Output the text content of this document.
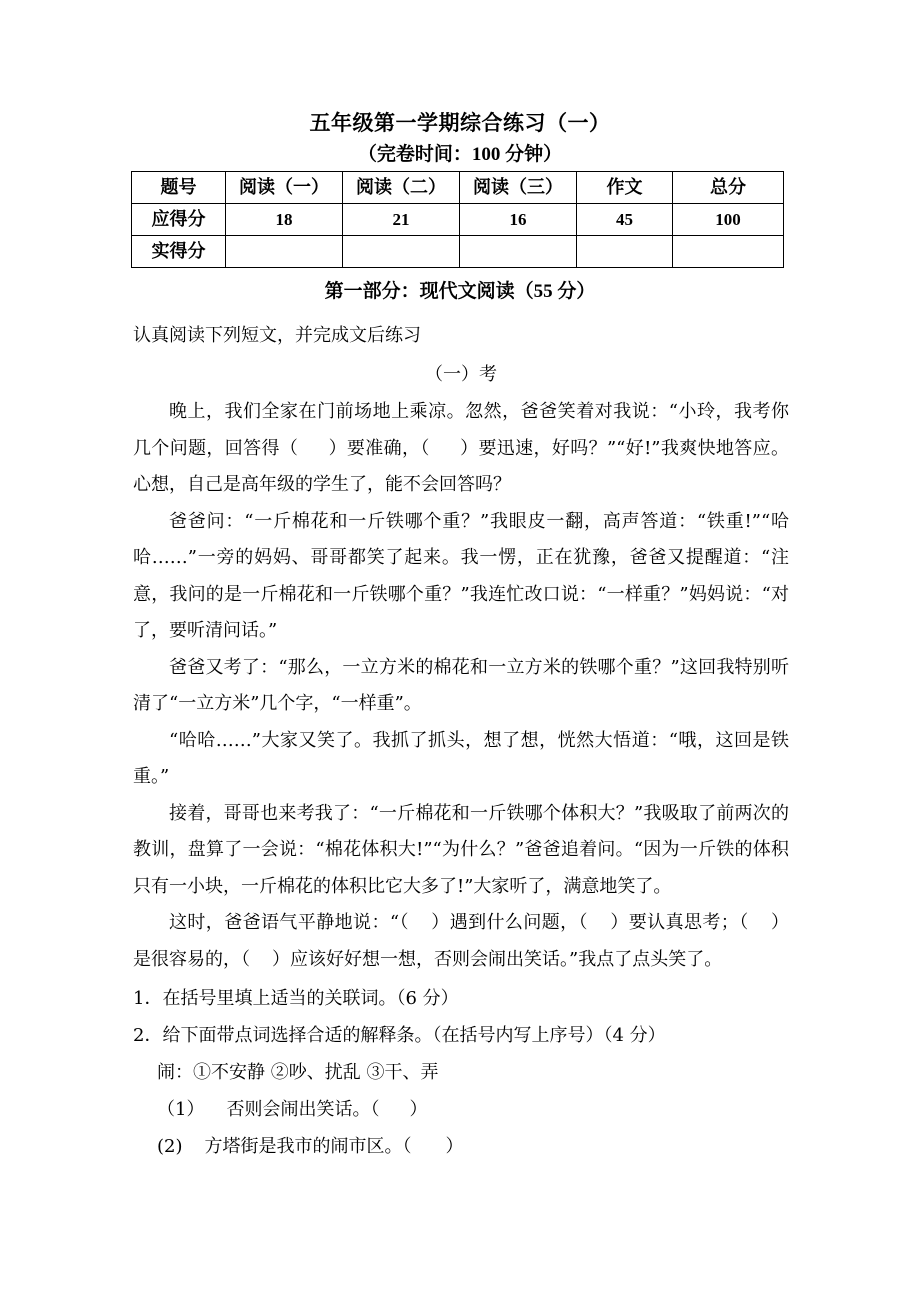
五年级第一学期综合练习（一）
（完卷时间：100 分钟）
题号	阅读（一）	阅读（二）	阅读（三）	作文	总分
应得分	18	21	16	45	100
实得分					
第一部分：现代文阅读（55 分）
认真阅读下列短文，并完成文后练习
（一）考

晚上，我们全家在门前场地上乘凉。忽然，爸爸笑着对我说：“小玲，我考你几个问题，回答得（ ）要准确，（ ）要迅速，好吗？”“好!”我爽快地答应。心想，自己是高年级的学生了，能不会回答吗？

爸爸问：“一斤棉花和一斤铁哪个重？”我眼皮一翻，高声答道：“铁重!”“哈哈……”一旁的妈妈、哥哥都笑了起来。我一愣，正在犹豫，爸爸又提醒道：“注意，我问的是一斤棉花和一斤铁哪个重？”我连忙改口说：“一样重？”妈妈说：“对了，要听清问话。”

爸爸又考了：“那么，一立方米的棉花和一立方米的铁哪个重？”这回我特别听清了“一立方米”几个字，“一样重”。

“哈哈……”大家又笑了。我抓了抓头，想了想，恍然大悟道：“哦，这回是铁重。”

接着，哥哥也来考我了：“一斤棉花和一斤铁哪个体积大？”我吸取了前两次的教训，盘算了一会说：“棉花体积大!”“为什么？”爸爸追着问。“因为一斤铁的体积只有一小块，一斤棉花的体积比它大多了!”大家听了，满意地笑了。

这时，爸爸语气平静地说：“（ ）遇到什么问题，（ ）要认真思考；（ ）是很容易的，（ ）应该好好想一想，否则会闹出笑话。”我点了点头笑了。

1．在括号里填上适当的关联词。（6 分）

2．给下面带点词选择合适的解释条。（在括号内写上序号）（4 分）

闹：①不安静 ②吵、扰乱 ③干、弄

（1） 否则会闹出笑话。（ ）

(2) 方塔街是我市的闹市区。（ ）
